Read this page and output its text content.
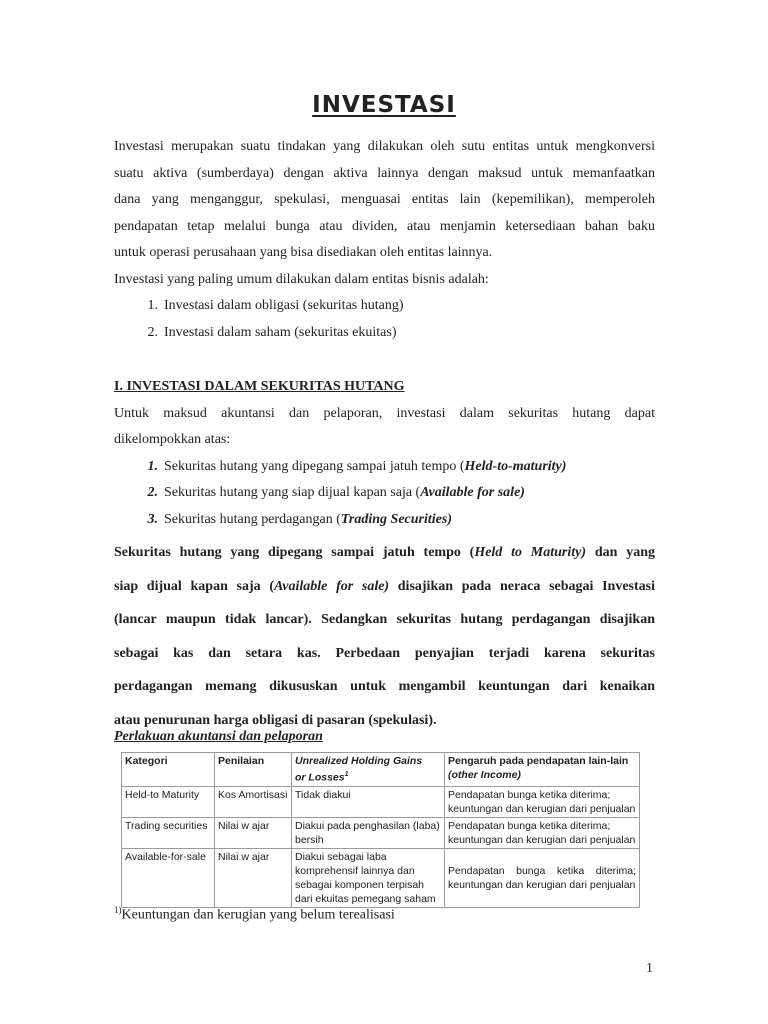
INVESTASI
Investasi merupakan suatu tindakan yang dilakukan oleh sutu entitas untuk mengkonversi
suatu aktiva (sumberdaya) dengan aktiva lainnya dengan maksud untuk memanfaatkan
dana yang menganggur, spekulasi, menguasai entitas lain (kepemilikan), memperoleh
pendapatan tetap melalui bunga atau dividen, atau menjamin ketersediaan bahan baku
untuk operasi perusahaan yang bisa disediakan oleh entitas lainnya.
Investasi yang paling umum dilakukan dalam entitas bisnis adalah:
1. Investasi dalam obligasi (sekuritas hutang)
2. Investasi dalam saham (sekuritas ekuitas)
I. INVESTASI DALAM SEKURITAS HUTANG
Untuk maksud akuntansi dan pelaporan, investasi dalam sekuritas hutang dapat
dikelompokkan atas:
1. Sekuritas hutang yang dipegang sampai jatuh tempo (Held-to-maturity)
2. Sekuritas hutang yang siap dijual kapan saja (Available for sale)
3. Sekuritas hutang perdagangan (Trading Securities)
Sekuritas hutang yang dipegang sampai jatuh tempo (Held to Maturity) dan yang
siap dijual kapan saja (Available for sale) disajikan pada neraca sebagai Investasi
(lancar maupun tidak lancar). Sedangkan sekuritas hutang perdagangan disajikan
sebagai kas dan setara kas. Perbedaan penyajian terjadi karena sekuritas
perdagangan memang dikususkan untuk mengambil keuntungan dari kenaikan
atau penurunan harga obligasi di pasaran (spekulasi).
Perlakuan akuntansi dan pelaporan
Kategori	Penilaian	Unrealized Holding Gains
or Losses$^1$	Pengaruh pada pendapatan lain-lain
(other Income)
Held-to Maturity	Kos Amortisasi	Tidak diakui	Pendapatan bunga ketika diterima;
keuntungan dan kerugian dari penjualan
Trading securities	Nilai w ajar	Diakui pada penghasilan (laba)
bersih	Pendapatan bunga ketika diterima;
keuntungan dan kerugian dari penjualan
Available-for-sale	Nilai w ajar	Diakui sebagai laba
komprehensif lainnya dan
sebagai komponen terpisah
dari ekuitas pemegang saham	Pendapatan bunga ketika diterima;
keuntungan dan kerugian dari penjualan
$^{1)}$Keuntungan dan kerugian yang belum terealisasi
1
